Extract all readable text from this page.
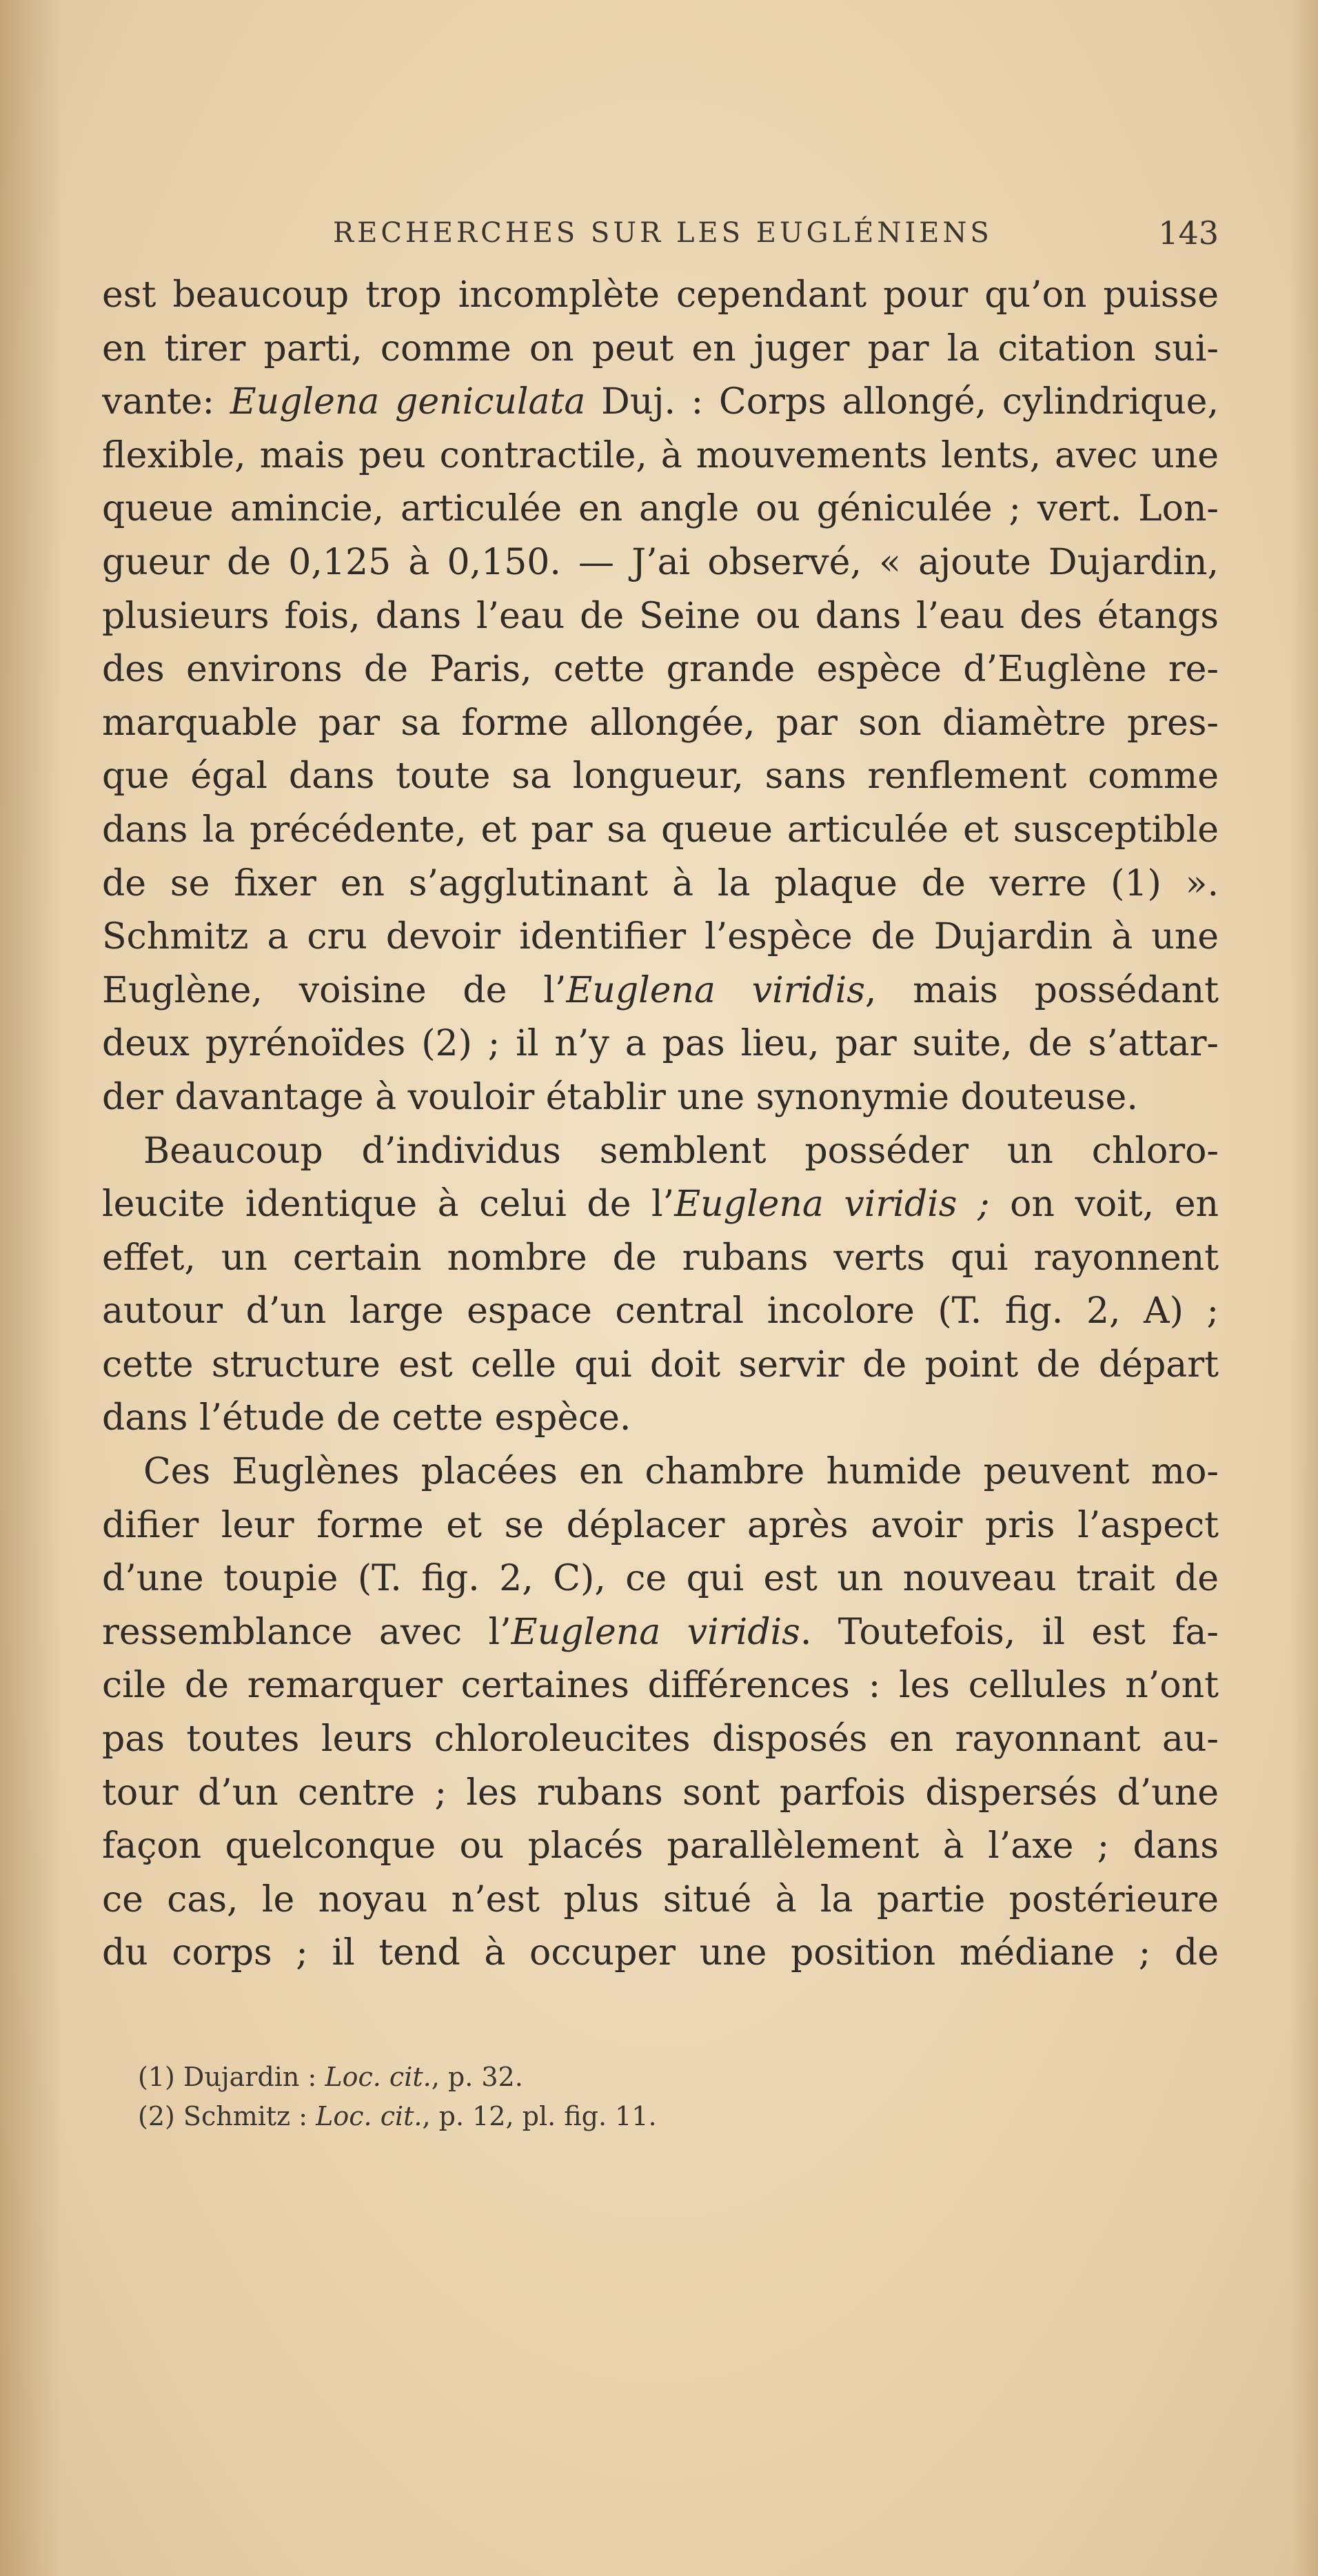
RECHERCHES SUR LES EUGLÉNIENS	143
est beaucoup trop incomplète cependant pour qu’on puisse
en tirer parti, comme on peut en juger par la citation sui-
vante: Euglena geniculata Duj. : Corps allongé, cylindrique,
flexible, mais peu contractile, à mouvements lents, avec une
queue amincie, articulée en angle ou géniculée ; vert. Lon-
gueur de 0,125 à 0,150. — J’ai observé, « ajoute Dujardin,
plusieurs fois, dans l’eau de Seine ou dans l’eau des étangs
des environs de Paris, cette grande espèce d’Euglène re-
marquable par sa forme allongée, par son diamètre pres-
que égal dans toute sa longueur, sans renflement comme
dans la précédente, et par sa queue articulée et susceptible
de se fixer en s’agglutinant à la plaque de verre (1) ».
Schmitz a cru devoir identifier l’espèce de Dujardin à une
Euglène, voisine de l’Euglena viridis, mais possédant
deux pyrénoïdes (2) ; il n’y a pas lieu, par suite, de s’attar-
der davantage à vouloir établir une synonymie douteuse.
Beaucoup d’individus semblent posséder un chloro-
leucite identique à celui de l’Euglena viridis ; on voit, en
effet, un certain nombre de rubans verts qui rayonnent
autour d’un large espace central incolore (T. fig. 2, A) ;
cette structure est celle qui doit servir de point de départ
dans l’étude de cette espèce.
Ces Euglènes placées en chambre humide peuvent mo-
difier leur forme et se déplacer après avoir pris l’aspect
d’une toupie (T. fig. 2, C), ce qui est un nouveau trait de
ressemblance avec l’Euglena viridis. Toutefois, il est fa-
cile de remarquer certaines différences : les cellules n’ont
pas toutes leurs chloroleucites disposés en rayonnant au-
tour d’un centre ; les rubans sont parfois dispersés d’une
façon quelconque ou placés parallèlement à l’axe ; dans
ce cas, le noyau n’est plus situé à la partie postérieure
du corps ; il tend à occuper une position médiane ; de
(1) Dujardin : Loc. cit., p. 32.
(2) Schmitz : Loc. cit., p. 12, pl. fig. 11.
